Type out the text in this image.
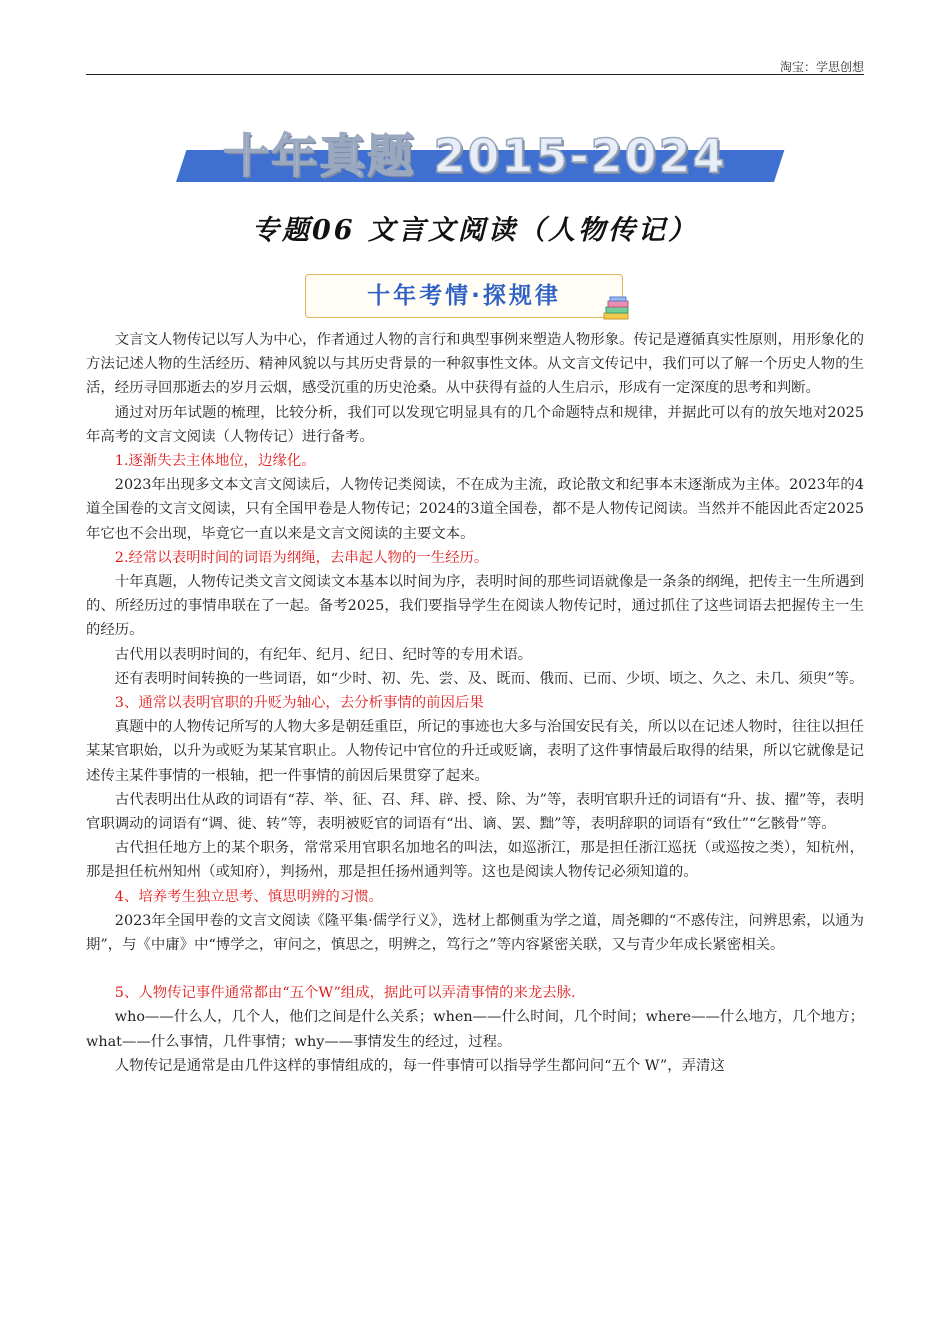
淘宝：学思创想
十年真题 2015-2024
专题06 文言文阅读（人物传记）
十年考情·探规律

文言文人物传记以写人为中心，作者通过人物的言行和典型事例来塑造人物形象。传记是遵循真实性原则，用形象化的方法记述人物的生活经历、精神风貌以与其历史背景的一种叙事性文体。从文言文传记中，我们可以了解一个历史人物的生活，经历寻回那逝去的岁月云烟，感受沉重的历史沧桑。从中获得有益的人生启示，形成有一定深度的思考和判断。

通过对历年试题的梳理，比较分析，我们可以发现它明显具有的几个命题特点和规律，并据此可以有的放矢地对2025年高考的文言文阅读（人物传记）进行备考。

1.逐渐失去主体地位，边缘化。

2023年出现多文本文言文阅读后，人物传记类阅读，不在成为主流，政论散文和纪事本末逐渐成为主体。2023年的4道全国卷的文言文阅读，只有全国甲卷是人物传记；2024的3道全国卷，都不是人物传记阅读。当然并不能因此否定2025年它也不会出现，毕竟它一直以来是文言文阅读的主要文本。

2.经常以表明时间的词语为纲绳，去串起人物的一生经历。

十年真题，人物传记类文言文阅读文本基本以时间为序，表明时间的那些词语就像是一条条的纲绳，把传主一生所遇到的、所经历过的事情串联在了一起。备考2025，我们要指导学生在阅读人物传记时，通过抓住了这些词语去把握传主一生的经历。

古代用以表明时间的，有纪年、纪月、纪日、纪时等的专用术语。

还有表明时间转换的一些词语，如“少时、初、先、尝、及、既而、俄而、已而、少顷、顷之、久之、未几、须臾”等。

3、通常以表明官职的升贬为轴心，去分析事情的前因后果

真题中的人物传记所写的人物大多是朝廷重臣，所记的事迹也大多与治国安民有关，所以以在记述人物时，往往以担任某某官职始，以升为或贬为某某官职止。人物传记中官位的升迁或贬谪，表明了这件事情最后取得的结果，所以它就像是记述传主某件事情的一根轴，把一件事情的前因后果贯穿了起来。

古代表明出仕从政的词语有“荐、举、征、召、拜、辟、授、除、为”等，表明官职升迁的词语有“升、拔、擢”等，表明官职调动的词语有“调、徙、转”等，表明被贬官的词语有“出、谪、罢、黜”等，表明辞职的词语有“致仕”“乞骸骨”等。

古代担任地方上的某个职务，常常采用官职名加地名的叫法，如巡浙江，那是担任浙江巡抚（或巡按之类），知杭州，那是担任杭州知州（或知府），判扬州，那是担任扬州通判等。这也是阅读人物传记必须知道的。

4、培养考生独立思考、慎思明辨的习惯。

2023年全国甲卷的文言文阅读《隆平集·儒学行义》，选材上都侧重为学之道，周尧卿的“不惑传注，问辨思索，以通为期”，与《中庸》中“博学之，审问之，慎思之，明辨之，笃行之”等内容紧密关联，又与青少年成长紧密相关。

5、人物传记事件通常都由“五个W”组成，据此可以弄清事情的来龙去脉.

who——什么人，几个人，他们之间是什么关系；when——什么时间，几个时间；where——什么地方，几个地方；what——什么事情，几件事情；why——事情发生的经过，过程。

人物传记是通常是由几件这样的事情组成的，每一件事情可以指导学生都问问“五个 W”，弄清这
